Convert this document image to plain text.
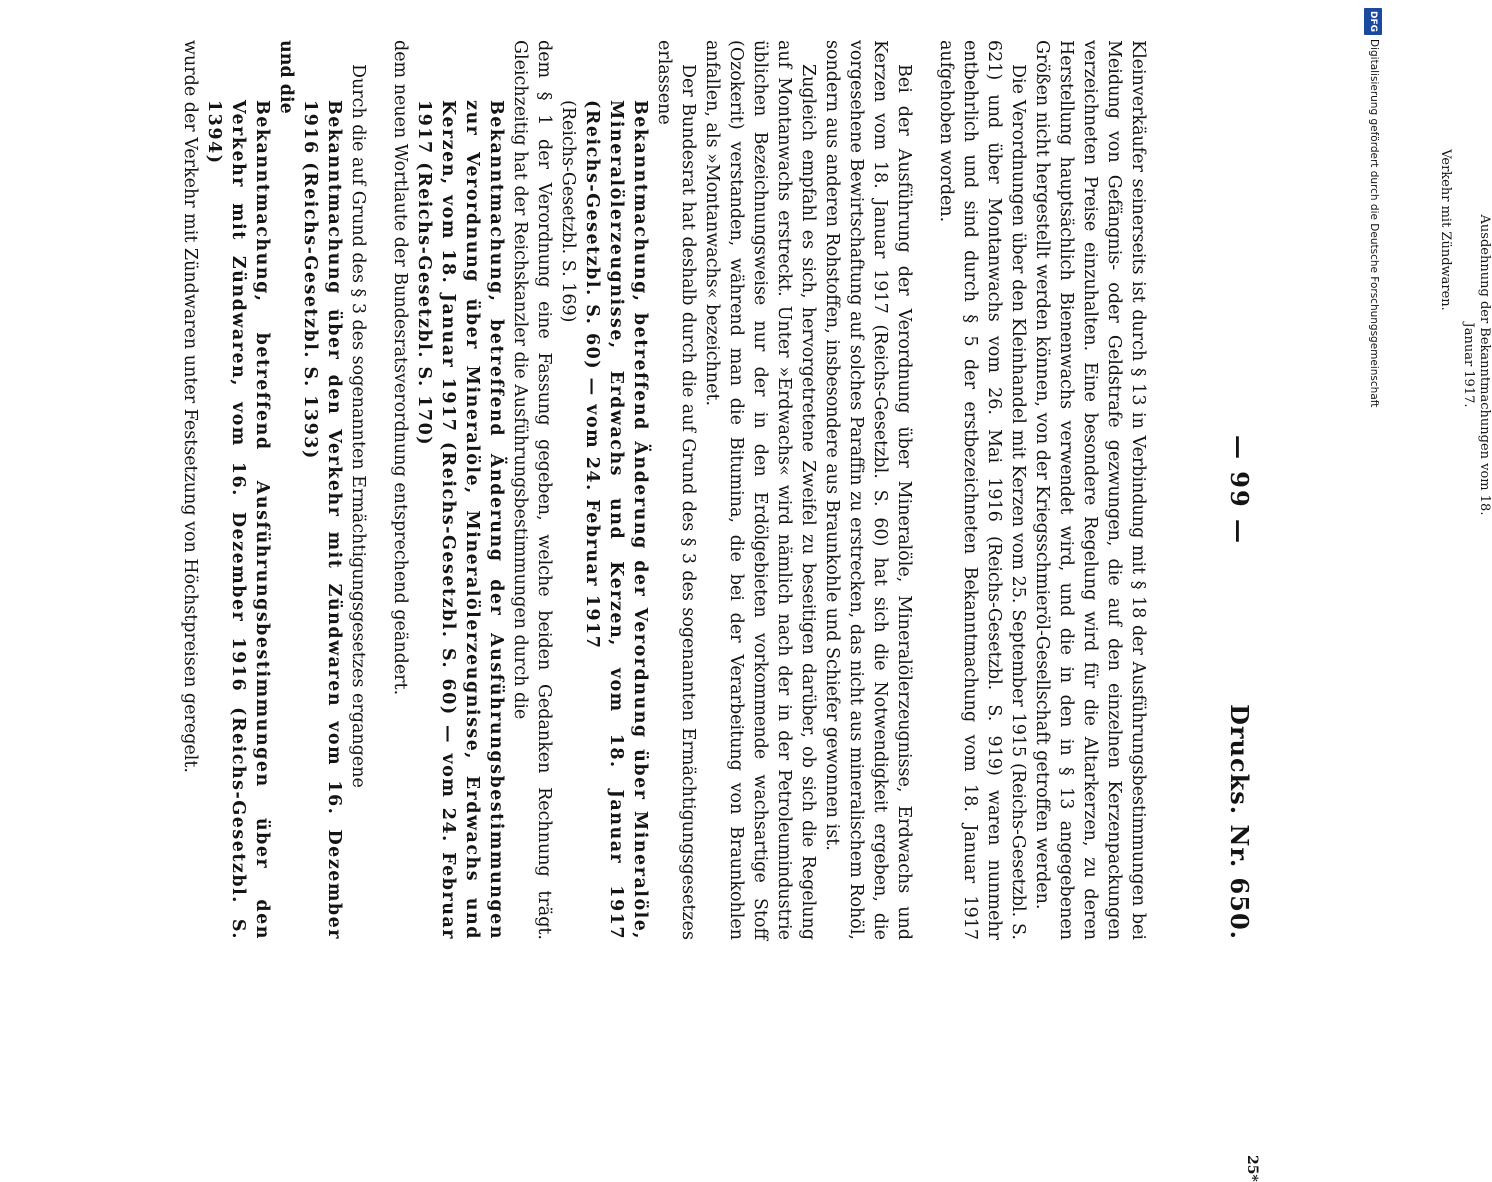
— 99 —
Drucks. Nr. 650.
Ausdehnung der Bekanntmachungen vom 18. Januar 1917.
Verkehr mit Zündwaren.

Kleinverkäufer seinerseits ist durch § 13 in Verbindung mit § 18 der Ausführungsbestimmungen bei Meidung von Gefängnis- oder Geldstrafe gezwungen, die auf den einzelnen Kerzenpackungen verzeichneten Preise einzuhalten. Eine besondere Regelung wird für die Altarkerzen, zu deren Herstellung hauptsächlich Bienenwachs verwendet wird, und die in den in § 13 angegebenen Größen nicht hergestellt werden können, von der Kriegsschmieröl-Gesellschaft getroffen werden.

Die Verordnungen über den Kleinhandel mit Kerzen vom 25. September 1915 (Reichs-Gesetzbl. S. 621) und über Montanwachs vom 26. Mai 1916 (Reichs-Gesetzbl. S. 919) waren nunmehr entbehrlich und sind durch § 5 der erstbezeichneten Bekanntmachung vom 18. Januar 1917 aufgehoben worden.

Bei der Ausführung der Verordnung über Mineralöle, Mineralölerzeugnisse, Erdwachs und Kerzen vom 18. Januar 1917 (Reichs-Gesetzbl. S. 60) hat sich die Notwendigkeit ergeben, die vorgesehene Bewirtschaftung auf solches Paraffin zu erstrecken, das nicht aus mineralischem Rohöl, sondern aus anderen Rohstoffen, insbesondere aus Braunkohle und Schiefer gewonnen ist.

Zugleich empfahl es sich, hervorgetretene Zweifel zu beseitigen darüber, ob sich die Regelung auf Montanwachs erstreckt. Unter »Erdwachs« wird nämlich nach der in der Petroleumindustrie üblichen Bezeichnungsweise nur der in den Erdölgebieten vorkommende wachsartige Stoff (Ozokerit) verstanden, während man die Bitumina, die bei der Verarbeitung von Braunkohlen anfallen, als »Montanwachs« bezeichnet.

Der Bundesrat hat deshalb durch die auf Grund des § 3 des sogenannten Ermächtigungsgesetzes erlassene

Bekanntmachung, betreffend Änderung der Verordnung über Mineralöle, Mineralölerzeugnisse, Erdwachs und Kerzen, vom 18. Januar 1917 (Reichs-Gesetzbl. S. 60) — vom 24. Februar 1917

(Reichs-Gesetzbl. S. 169)

dem § 1 der Verordnung eine Fassung gegeben, welche beiden Gedanken Rechnung trägt. Gleichzeitig hat der Reichskanzler die Ausführungsbestimmungen durch die

Bekanntmachung, betreffend Änderung der Ausführungsbestimmungen zur Verordnung über Mineralöle, Mineralölerzeugnisse, Erdwachs und Kerzen, vom 18. Januar 1917 (Reichs-Gesetzbl. S. 60) — vom 24. Februar 1917 (Reichs-Gesetzbl. S. 170)

dem neuen Wortlaute der Bundesratsverordnung entsprechend geändert.

Durch die auf Grund des § 3 des sogenannten Ermächtigungsgesetzes ergangene

Bekanntmachung über den Verkehr mit Zündwaren vom 16. Dezember 1916 (Reichs-Gesetzbl. S. 1393)

und die

Bekanntmachung, betreffend Ausführungsbestimmungen über den Verkehr mit Zündwaren, vom 16. Dezember 1916 (Reichs-Gesetzbl. S. 1394)

wurde der Verkehr mit Zündwaren unter Festsetzung von Höchstpreisen geregelt.

25*
DFGDigitalisierung gefördert durch die Deutsche Forschungsgemeinschaft
